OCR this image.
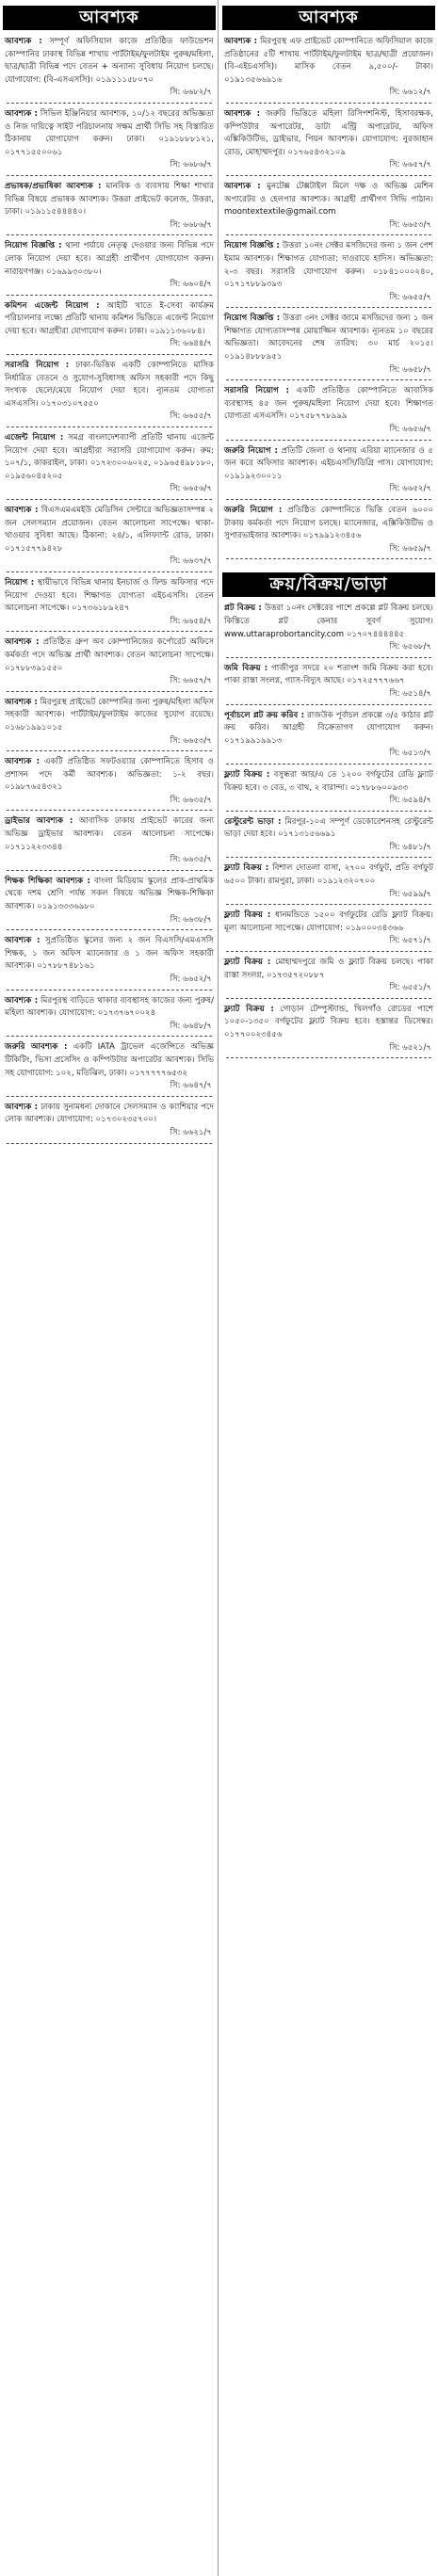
আবশ্যক

আবশ্যক : সম্পূর্ণ অফিসিয়াল কাজে প্রতিষ্ঠিত ফাউন্ডেশন কোম্পানির ঢাকাস্থ বিভিন্ন শাখায় পার্টটাইম/ফুলটাইম পুরুষ/মহিলা, ছাত্র/ছাত্রী বিভিন্ন পদে বেতন + অন্যান্য সুবিধায় নিয়োগ চলছে। যোগাযোগ: (বি-এসএসসি)। ০১৯১১১৫৮০৭০

সি: ৬৬৮২/৭

আবশ্যক : সিভিল ইঞ্জিনিয়ার আবশ্যক, ১০/১২ বছরের অভিজ্ঞতা ও নিজ দায়িত্বে সাইট পরিচালনায় সক্ষম প্রার্থী সিভি সহ বিস্তারিত ঠিকানায় যোগাযোগ করুন। ঢাকা। ০১৯১৮৮৮১২১, ০১৭৭১৫৫০০৬১

সি: ৬৬৮৬/৭

প্রভাষক/প্রভাষিকা আবশ্যক : মানবিক ও ব্যবসায় শিক্ষা শাখার বিভিন্ন বিষয়ে প্রভাষক আবশ্যক। উত্তরা প্রাইভেট কলেজ, উত্তরা, ঢাকা। ০১৯১১৫৪৪৪৪০।

সি: ৬৬৮৬/৭

নিয়োগ বিজ্ঞপ্তি : থানা পর্যায়ে নেতৃত্ব দেওয়ার জন্য বিভিন্ন পদে লোক নিয়োগ দেয়া হবে। আগ্রহী প্রার্থীগণ যোগাযোগ করুন। নারায়ণগঞ্জ। ০১৬৯৯৩০৩৮০।

সি: ৬৬০৪/৭

কমিশন এজেন্ট নিয়োগ : আইটি খাতে ই-সেবা কার্যক্রম পরিচালনার লক্ষ্যে প্রতিটি থানায় কমিশন ভিত্তিতে এজেন্ট নিয়োগ দেয়া হবে। আগ্রহীরা যোগাযোগ করুন। ঢাকা। ০১৯১১৩৬০৮৪।

সি: ৬৬৪৪/৭

সরাসরি নিয়োগ : ঢাকা-ভিত্তিক একটি কোম্পানিতে মাসিক নির্ধারিত বেতনে ও সুযোগ-সুবিধাসহ অফিস সহকারী পদে কিছু সংখ্যক ছেলে/মেয়ে নিয়োগ দেয়া হবে। ন্যূনতম যোগ্যতা এসএসসি। ০১৭০৩১০৭৫৫০

সি: ৬৬৫৫/৭

এজেন্ট নিয়োগ : সমগ্র বাংলাদেশব্যাপী প্রতিটি থানায় এজেন্ট নিয়োগ দেয়া হবে। আগ্রহীরা সরাসরি যোগাযোগ করুন। রুম: ১০৭/১, কাকরাইল, ঢাকা। ০১৭২৩০০৬০২৫, ০১৯৬৫৪৯৮১৮০, ০১৯৫৬০৪৫২০৫

সি: ৬৬৫৬/৭

আবশ্যক : বিএসএমএমইউ মেডিসিন সেন্টারে অভিজ্ঞতাসম্পন্ন ২ জন সেলসম্যান প্রয়োজন। বেতন আলোচনা সাপেক্ষে। থাকা-খাওয়ার সুবিধা আছে। ঠিকানা: ২৪/১, এলিফ্যান্ট রোড, ঢাকা। ০১৭১৫৭৭৯৪২৮

সি: ৬৬৩৭/৭

নিয়োগ : স্থায়ীভাবে বিভিন্ন থানায় ইনচার্জ ও ফিল্ড অফিসার পদে নিয়োগ দেওয়া হবে। শিক্ষাগত যোগ্যতা এইচএসসি। বেতন আলোচনা সাপেক্ষে। ০১৭৩৬১৮৯২৪৭

সি: ৬৬৫৪/৭

আবশ্যক : প্রতিষ্ঠিত গ্রুপ অব কোম্পানিজের কর্পোরেট অফিসে কর্মকর্তা পদে অভিজ্ঞ প্রার্থী আবশ্যক। বেতন আলোচনা সাপেক্ষে। ০১৭৮৮৩৯১৫৫০

সি: ৬৬৫৭/৭

আবশ্যক : মিরপুরস্থ প্রাইভেট কোম্পানির জন্য পুরুষ/মহিলা অফিস সহকারী আবশ্যক। পার্টটাইম/ফুলটাইম কাজের সুযোগ রয়েছে। ০১৬৮১৯৯১০১৫

সি: ৬৬৫৩/৭

আবশ্যক : একটি প্রতিষ্ঠিত সফটওয়্যার কোম্পানিতে হিসাব ও প্রশাসন পদে কর্মী আবশ্যক। অভিজ্ঞতা: ১-২ বছর। ০১৯৮৭৬৫৪৩২১

সি: ৬৬৩৫/৭

ড্রাইভার আবশ্যক : আবাসিক ঢাকায় প্রাইভেট কারের জন্য অভিজ্ঞ ড্রাইভার আবশ্যক। বেতন আলোচনা সাপেক্ষে। ০১৭১১২২৩৩৪৪

সি: ৬৬৩৫/৭

শিক্ষক শিক্ষিকা আবশ্যক : বাংলা মিডিয়াম স্কুলের প্রাক-প্রাথমিক থেকে দশম শ্রেণি পর্যন্ত সকল বিষয়ে অভিজ্ঞ শিক্ষক-শিক্ষিকা আবশ্যক। ০১৯১৩৩৩৬৯৮০

সি: ৬৬৩৮/৭

আবশ্যক : সুপ্রতিষ্ঠিত স্কুলের জন্য ২ জন বিএসসি/এমএসসি শিক্ষক, ১ জন অফিস ম্যানেজার ও ১ জন অফিস সহকারী আবশ্যক। ০১৭৮৮৭৪৮১৬১

সি: ৬৬৫২/৭

আবশ্যক : মিরপুরস্থ বাড়িতে থাকার ব্যবস্থাসহ কাজের জন্য পুরুষ/মহিলা আবশ্যক। যোগাযোগ: ০১৭৩৭৬৭০০২৪

সি: ৬৬৪৮/৭

জরুরি আবশ্যক : একটি IATA ট্রাভেল এজেন্সিতে অভিজ্ঞ টিকিটিং, ভিসা প্রসেসিং ও কম্পিউটার অপারেটর আবশ্যক। সিভি সহ যোগাযোগ: ১০২, মতিঝিল, ঢাকা। ০১৭৭৭৭৭৬৫৩২

সি: ৬৬৪৭/৭

আবশ্যক : ঢাকায় সুনামধন্য দোকানে সেলসম্যান ও ক্যাশিয়ার পদে লোক আবশ্যক। যোগাযোগ: ০১৭৩০২৩৫৭০০।

সি: ৬৬২১/৭
আবশ্যক

আবশ্যক : মিরপুরস্থ এফ প্রাইভেট কোম্পানিতে অফিসিয়াল কাজে প্রতিষ্ঠানের ৫টি শাখায় পার্টটাইম/ফুলটাইম ছাত্র/ছাত্রী প্রয়োজন। (বি-এইচএসসি)। মাসিক বেতন ৯,৫০০/- টাকা। ০১৯১৩৫৬৬৯১৬

সি: ৬৬১২/৭

আবশ্যক : জরুরি ভিত্তিতে মহিলা রিসিপশনিস্ট, হিসাবরক্ষক, কম্পিউটার অপারেটর, ডাটা এন্ট্রি অপারেটর, অফিস এক্সিকিউটিভ, ড্রাইভার, পিয়ন আবশ্যক। যোগাযোগ: নুরজাহান রোড, মোহাম্মদপুর। ০১৭৬৫৪৩২১০৯

সি: ৬৬৫৭/৭

আবশ্যক : মুনটেক্স টেক্সটাইল মিলে দক্ষ ও অভিজ্ঞ মেশিন অপারেটর ও হেলপার আবশ্যক। আগ্রহী প্রার্থীগণ সিভি পাঠান। moontextextile@gmail.com

সি: ৬৬৫৩/৭

নিয়োগ বিজ্ঞপ্তি : উত্তরা ১০নং সেক্টর মসজিদের জন্য ১ জন পেশ ইমাম আবশ্যক। শিক্ষাগত যোগ্যতা: দাওরায়ে হাদিস। অভিজ্ঞতা: ২-৩ বছর। সরাসরি যোগাযোগ করুন। ০১৮৪১০০০২৪০, ০১৭১৭৮৮৯৩৯৩

সি: ৬৬৫৫/৭

নিয়োগ বিজ্ঞপ্তি : উত্তরা ৩নং সেক্টর জামে মসজিদের জন্য ১ জন শিক্ষাগত যোগ্যতাসম্পন্ন মোয়াজ্জিন আবশ্যক। ন্যূনতম ১০ বছরের অভিজ্ঞতা। আবেদনের শেষ তারিখ: ৩০ মার্চ ২০১৫। ০১৯১৪৮৮৮৯৫১

সি: ৬৬৫৮/৭

সরাসরি নিয়োগ : একটি প্রতিষ্ঠিত কোম্পানিতে আবাসিক ব্যবস্থাসহ ৪৫ জন পুরুষ/মহিলা নিয়োগ দেয়া হবে। শিক্ষাগত যোগ্যতা এসএসসি। ০১৭৫৮৭৭৮৯৯৯

সি: ৬৬৫৬/৭

জরুরি নিয়োগ : প্রতিটি জেলা ও থানায় এরিয়া ম্যানেজার ও ৫ জন করে অফিসার আবশ্যক। এইচএসসি/ডিগ্রি পাস। যোগাযোগ: ০১৯১৯২৩০০১১

সি: ৬৬৫২/৭

জরুরি নিয়োগ : প্রতিষ্ঠিত কোম্পানিতে ভিত্তি বেতন ৬০০০ টাকায় কর্মকর্তা পদে নিয়োগ চলছে। ম্যানেজার, এক্সিকিউটিভ ও সুপারভাইজার আবশ্যক। ০১৭৯৯১২৩৪৫৬

সি: ৬৬৫৯/৭
ক্রয়/বিক্রয়/ভাড়া

প্লট বিক্রয় : উত্তরা ১০নং সেক্টরের পাশে প্রকল্পে প্লট বিক্রয় চলছে। কিস্তিতে প্লট কেনার সুবর্ণ সুযোগ। www.uttaraprobortancity.com ০১৭০৭৪৪৪৪৪৫

সি: ৬৫৬৮/৭

জমি বিক্রয় : গাজীপুর সদরে ২০ শতাংশ জমি বিক্রয় করা হবে। পাকা রাস্তা সংলগ্ন, গ্যাস-বিদ্যুৎ আছে। ০১৭২৫৭৭৭৬৬৭

সি: ৬৫১৪/৭

পূর্বাচলে প্লট ক্রয় করিব : রাজউক পূর্বাচল প্রকল্পে ৩/৫ কাঠার প্লট ক্রয় করিব। আগ্রহী বিক্রেতাগণ যোগাযোগ করুন। ০১৭১৯৯১৯৯১৩

সি: ৬৫১৩/৭

ফ্ল্যাট বিক্রয় : বসুন্ধরা আর/এ তে ১২০০ বর্গফুটের রেডি ফ্ল্যাট বিক্রয় হবে। ৩ বেড, ৩ বাথ, ২ বারান্দা। ০১৭৮৮৬০০৯৩৩

সি: ৬৫৯৪/৭

রেস্টুরেন্ট ভাড়া : মিরপুর-১০এ সম্পূর্ণ ডেকোরেশনসহ রেস্টুরেন্ট ভাড়া দেয়া হবে। ০১৭১৩১৫৬৬৯১

সি: ৬৪৮১/৭

ফ্ল্যাট বিক্রয় : বিশাল দোতলা বাসা, ২৭০০ বর্গফুট, প্রতি বর্গফুট ৬৫০০ টাকা। রামপুরা, ঢাকা। ০১৯১২৩২০৭০০

সি: ৬৫৯৯/৭

ফ্ল্যাট বিক্রয় : ধানমন্ডিতে ১৫০০ বর্গফুটের রেডি ফ্ল্যাট বিক্রয়। মূল্য আলোচনা সাপেক্ষে। যোগাযোগ: ০১৯০০০৩৪৩৬৬

সি: ৬৫৭১/৭

ফ্ল্যাট বিক্রয় : মোহাম্মদপুরে জমি ও ফ্ল্যাট বিক্রয় চলছে। পাকা রাস্তা সংলগ্ন, ০১৭৩৫৭২০৮৮৭

সি: ৬৫৫১/৭

ফ্ল্যাট বিক্রয় : গোড়ান টেম্পুস্ট্যান্ড, খিলগাঁও রোডের পাশে ১০৫০-১৩৫০ বর্গফুটের ফ্ল্যাট বিক্রয় হবে। হস্তান্তর ডিসেম্বর। ০১৭৭০০২৩৪৫৬

সি: ৬৫২১/৭
